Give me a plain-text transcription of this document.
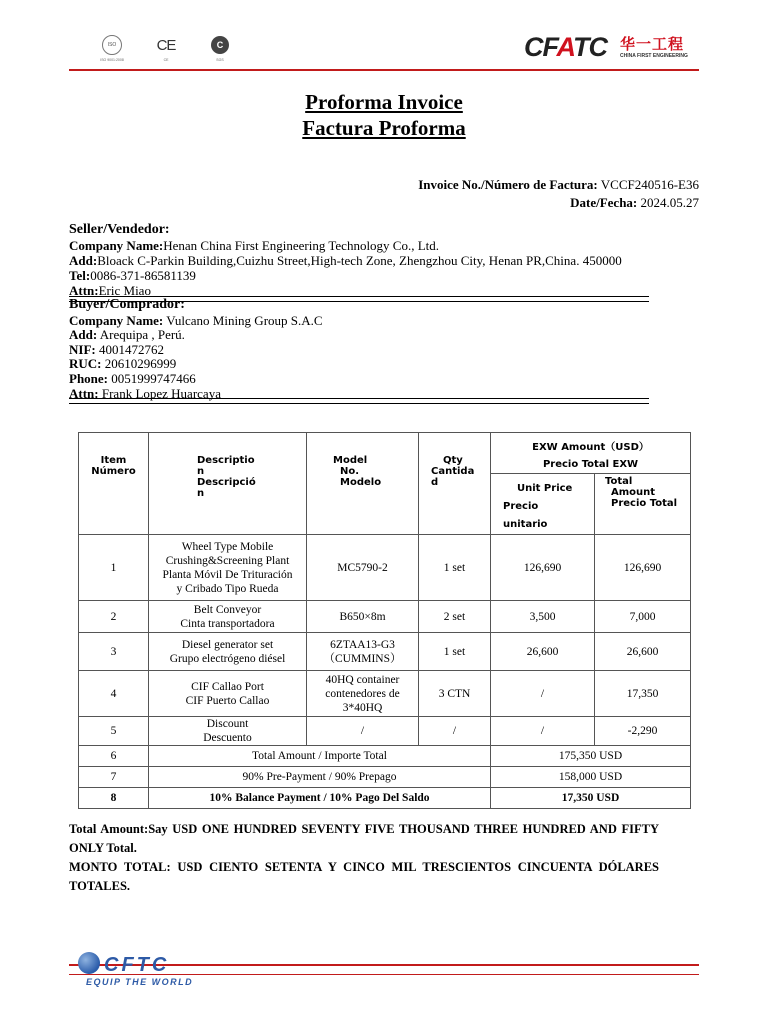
ISO
ISO 9001:2008
CE
CE
C
SGS	CFATC 华一工程
CHINA FIRST ENGINEERING
Proforma Invoice
Factura Proforma
Invoice No./Número de Factura: VCCF240516-E36
Date/Fecha: 2024.05.27
Seller/Vendedor:
Company Name:Henan China First Engineering Technology Co., Ltd.
Add:Bloack C-Parkin Building,Cuizhu Street,High-tech Zone, Zhengzhou City, Henan PR,China. 450000
Tel:0086-371-86581139
Attn:Eric Miao
Buyer/Comprador:
Company Name: Vulcano Mining Group S.A.C
Add: Arequipa , Perú.
NIF: 4001472762
RUC: 20610296999
Phone: 0051999747466
Attn: Frank Lopez Huarcaya
Item
Número	Descriptio
n
Descripció
n	Model
No.
Modelo	Qty
Cantida
d	EXW Amount（USD）
Precio Total EXW	

				Unit Price
Precio
unitario	Total
Amount
Precio Total

1	Wheel Type Mobile
Crushing&Screening Plant
Planta Móvil De Trituración
y Cribado Tipo Rueda	MC5790-2	1 set	126,690	126,690
2	Belt Conveyor
Cinta transportadora	B650×8m	2 set	3,500	7,000
3	Diesel generator set
Grupo electrógeno diésel	6ZTAA13-G3
（CUMMINS）	1 set	26,600	26,600
4	CIF Callao Port
CIF Puerto Callao	40HQ container
contenedores de
3*40HQ	3 CTN	/	17,350
5	Discount
Descuento	/	/	/	-2,290
6	Total Amount / Importe Total			175,350 USD	
7	90% Pre-Payment / 90% Prepago			158,000 USD	
8	10% Balance Payment / 10% Pago Del Saldo			17,350 USD	

Total Amount:Say USD ONE HUNDRED SEVENTY FIVE THOUSAND THREE HUNDRED AND FIFTY ONLY Total.

MONTO TOTAL: USD CIENTO SETENTA Y CINCO MIL TRESCIENTOS CINCUENTA DÓLARES TOTALES.

CFTC
EQUIP THE WORLD
